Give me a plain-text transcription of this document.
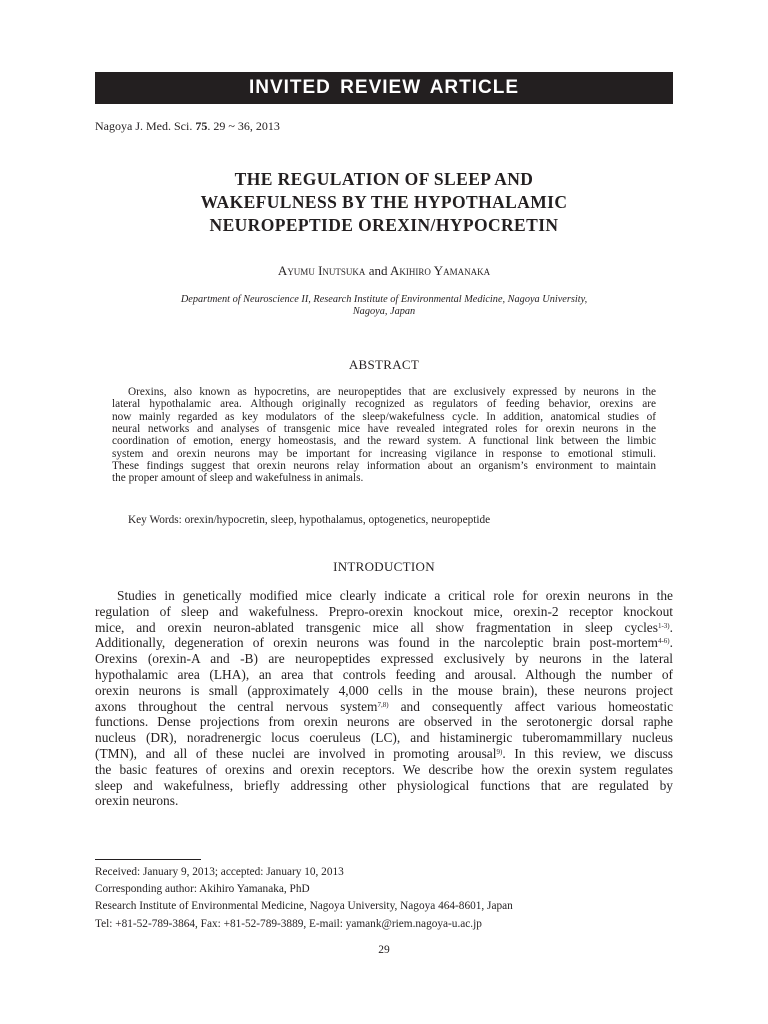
INVITED REVIEW ARTICLE
Nagoya J. Med. Sci. 75. 29 ~ 36, 2013
THE REGULATION OF SLEEP AND
WAKEFULNESS BY THE HYPOTHALAMIC
NEUROPEPTIDE OREXIN/HYPOCRETIN
Ayumu Inutsuka and Akihiro Yamanaka
Department of Neuroscience II, Research Institute of Environmental Medicine, Nagoya University,
Nagoya, Japan
ABSTRACT
Orexins, also known as hypocretins, are neuropeptides that are exclusively expressed by neurons in the
lateral hypothalamic area. Although originally recognized as regulators of feeding behavior, orexins are
now mainly regarded as key modulators of the sleep/wakefulness cycle. In addition, anatomical studies of
neural networks and analyses of transgenic mice have revealed integrated roles for orexin neurons in the
coordination of emotion, energy homeostasis, and the reward system. A functional link between the limbic
system and orexin neurons may be important for increasing vigilance in response to emotional stimuli.
These findings suggest that orexin neurons relay information about an organism’s environment to maintain
the proper amount of sleep and wakefulness in animals.
Key Words: orexin/hypocretin, sleep, hypothalamus, optogenetics, neuropeptide
INTRODUCTION
Studies in genetically modified mice clearly indicate a critical role for orexin neurons in the
regulation of sleep and wakefulness. Prepro-orexin knockout mice, orexin-2 receptor knockout
mice, and orexin neuron-ablated transgenic mice all show fragmentation in sleep cycles$^{1-3)}$.
Additionally, degeneration of orexin neurons was found in the narcoleptic brain post-mortem$^{4-6)}$.
Orexins (orexin-A and -B) are neuropeptides expressed exclusively by neurons in the lateral
hypothalamic area (LHA), an area that controls feeding and arousal. Although the number of
orexin neurons is small (approximately 4,000 cells in the mouse brain), these neurons project
axons throughout the central nervous system$^{7,8)}$ and consequently affect various homeostatic
functions. Dense projections from orexin neurons are observed in the serotonergic dorsal raphe
nucleus (DR), noradrenergic locus coeruleus (LC), and histaminergic tuberomammillary nucleus
(TMN), and all of these nuclei are involved in promoting arousal$^{9)}$. In this review, we discuss
the basic features of orexins and orexin receptors. We describe how the orexin system regulates
sleep and wakefulness, briefly addressing other physiological functions that are regulated by
orexin neurons.
Received: January 9, 2013; accepted: January 10, 2013
Corresponding author: Akihiro Yamanaka, PhD
Research Institute of Environmental Medicine, Nagoya University, Nagoya 464-8601, Japan
Tel: +81-52-789-3864, Fax: +81-52-789-3889, E-mail: yamank@riem.nagoya-u.ac.jp
29
